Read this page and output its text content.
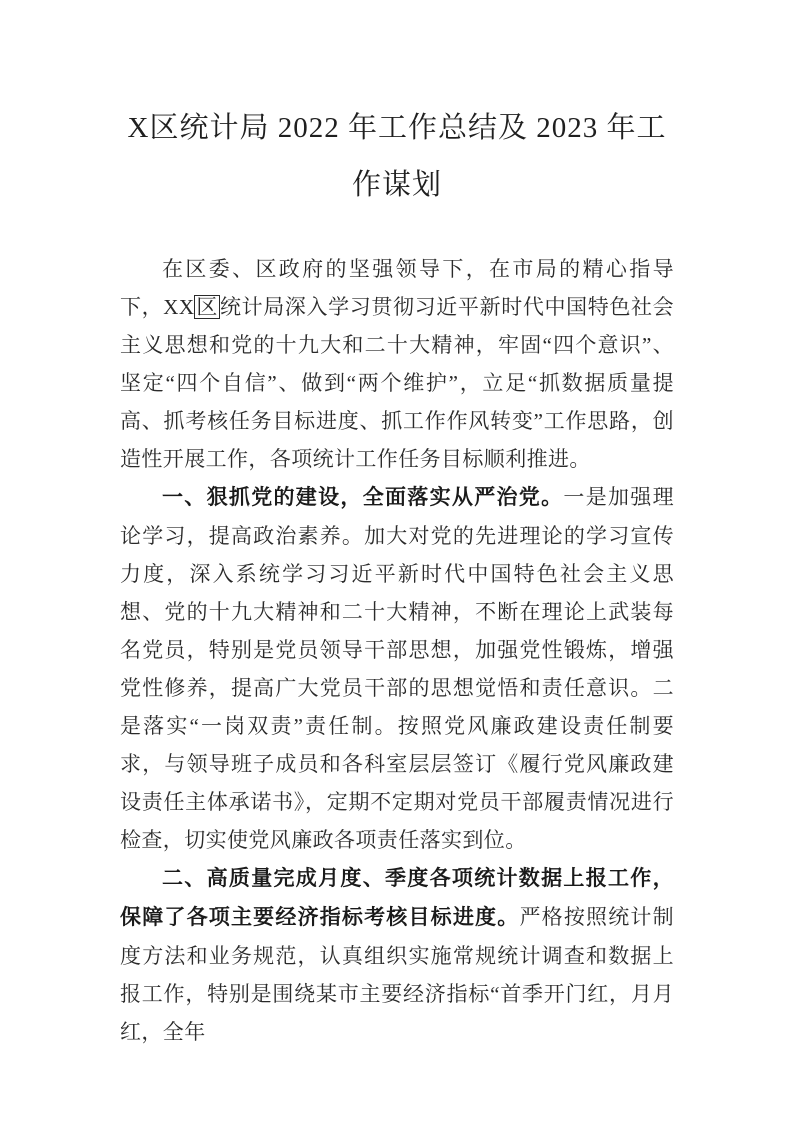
X区统计局 2022 年工作总结及 2023 年工作谋划

在区委、区政府的坚强领导下，在市局的精心指导下，XX区统计局深入学习贯彻习近平新时代中国特色社会主义思想和党的十九大和二十大精神，牢固“四个意识”、坚定“四个自信”、做到“两个维护”，立足“抓数据质量提高、抓考核任务目标进度、抓工作作风转变”工作思路，创造性开展工作，各项统计工作任务目标顺利推进。

一、狠抓党的建设，全面落实从严治党。一是加强理论学习，提高政治素养。加大对党的先进理论的学习宣传力度，深入系统学习习近平新时代中国特色社会主义思想、党的十九大精神和二十大精神，不断在理论上武装每名党员，特别是党员领导干部思想，加强党性锻炼，增强党性修养，提高广大党员干部的思想觉悟和责任意识。二是落实“一岗双责”责任制。按照党风廉政建设责任制要求，与领导班子成员和各科室层层签订《履行党风廉政建设责任主体承诺书》，定期不定期对党员干部履责情况进行检查，切实使党风廉政各项责任落实到位。

二、高质量完成月度、季度各项统计数据上报工作，保障了各项主要经济指标考核目标进度。严格按照统计制度方法和业务规范，认真组织实施常规统计调查和数据上报工作，特别是围绕某市主要经济指标“首季开门红，月月红，全年
